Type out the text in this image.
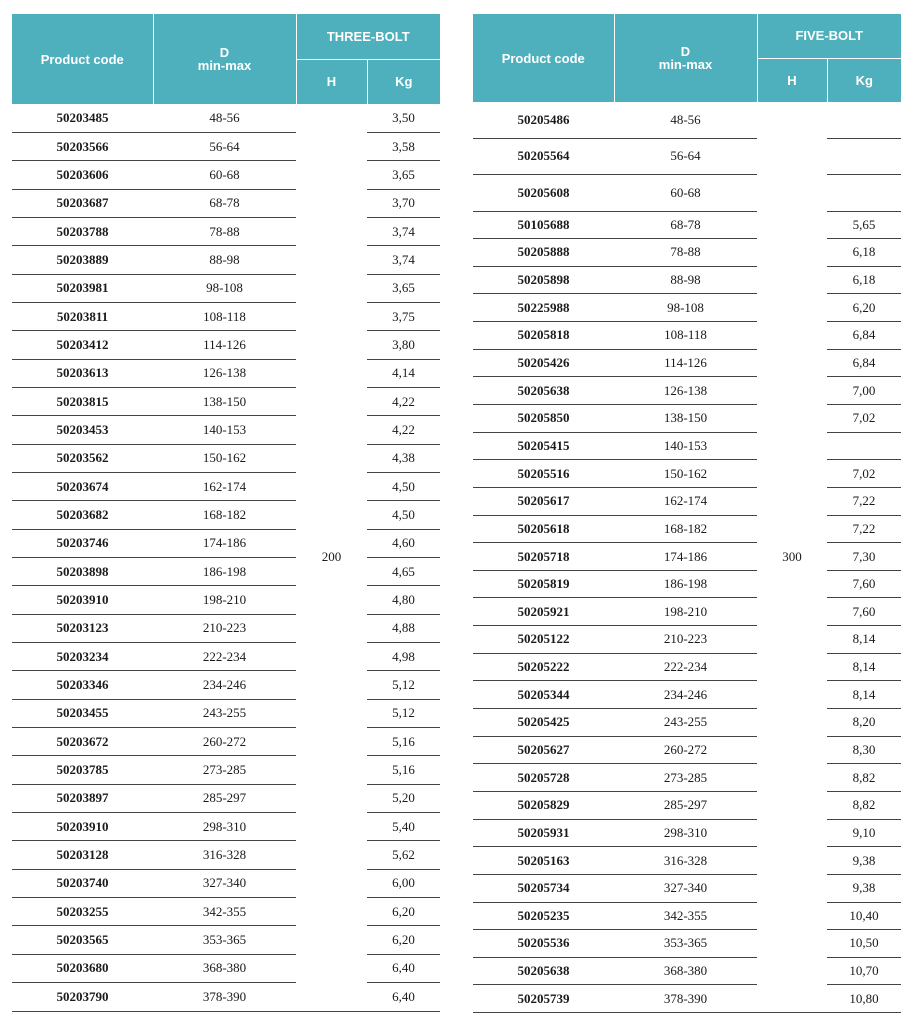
Product code	D
min-max	THREE-BOLT	
		H	Kg
50203485	48-56	200	3,50
50203566	56-64		3,58
50203606	60-68		3,65
50203687	68-78		3,70
50203788	78-88		3,74
50203889	88-98		3,74
50203981	98-108		3,65
50203811	108-118		3,75
50203412	114-126		3,80
50203613	126-138		4,14
50203815	138-150		4,22
50203453	140-153		4,22
50203562	150-162		4,38
50203674	162-174		4,50
50203682	168-182		4,50
50203746	174-186		4,60
50203898	186-198		4,65
50203910	198-210		4,80
50203123	210-223		4,88
50203234	222-234		4,98
50203346	234-246		5,12
50203455	243-255		5,12
50203672	260-272		5,16
50203785	273-285		5,16
50203897	285-297		5,20
50203910	298-310		5,40
50203128	316-328		5,62
50203740	327-340		6,00
50203255	342-355		6,20
50203565	353-365		6,20
50203680	368-380		6,40
50203790	378-390		6,40
Product code	D
min-max	FIVE-BOLT	
		H	Kg
50205486	48-56	300	
50205564	56-64		
50205608	60-68		
50105688	68-78		5,65
50205888	78-88		6,18
50205898	88-98		6,18
50225988	98-108		6,20
50205818	108-118		6,84
50205426	114-126		6,84
50205638	126-138		7,00
50205850	138-150		7,02
50205415	140-153		
50205516	150-162		7,02
50205617	162-174		7,22
50205618	168-182		7,22
50205718	174-186		7,30
50205819	186-198		7,60
50205921	198-210		7,60
50205122	210-223		8,14
50205222	222-234		8,14
50205344	234-246		8,14
50205425	243-255		8,20
50205627	260-272		8,30
50205728	273-285		8,82
50205829	285-297		8,82
50205931	298-310		9,10
50205163	316-328		9,38
50205734	327-340		9,38
50205235	342-355		10,40
50205536	353-365		10,50
50205638	368-380		10,70
50205739	378-390		10,80
